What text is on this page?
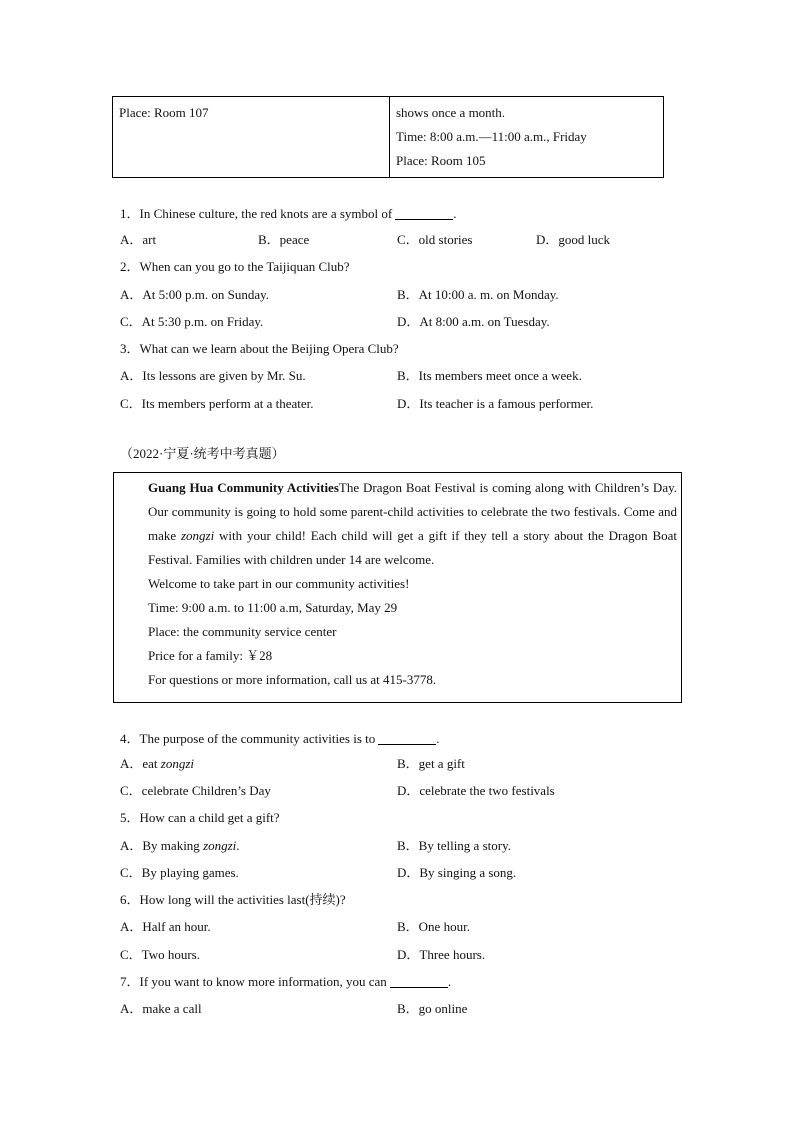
Place: Room 107	shows once a month.
Time: 8:00 a.m.—11:00 a.m., Friday
Place: Room 105
1．In Chinese culture, the red knots are a symbol of	.
A．art	B．peace	C．old stories	D．good luck
2．When can you go to the Taijiquan Club?
A．At 5:00 p.m. on Sunday.	B．At 10:00 a. m. on Monday.
C．At 5:30 p.m. on Friday.	D．At 8:00 a.m. on Tuesday.
3．What can we learn about the Beijing Opera Club?
A．Its lessons are given by Mr. Su.	B．Its members meet once a week.
C．Its members perform at a theater.	D．Its teacher is a famous performer.
（2022·宁夏·统考中考真题）

Guang Hua Community ActivitiesThe Dragon Boat Festival is coming along with Children’s Day. Our community is going to hold some parent-child activities to celebrate the two festivals. Come and make zongzi with your child! Each child will get a gift if they tell a story about the Dragon Boat Festival. Families with children under 14 are welcome.

Welcome to take part in our community activities!

Time: 9:00 a.m. to 11:00 a.m, Saturday, May 29

Place: the community service center

Price for a family: ￥28

For questions or more information, call us at 415-3778.

4．The purpose of the community activities is to	.
A．eat zongzi	B．get a gift
C．celebrate Children’s Day	D．celebrate the two festivals
5．How can a child get a gift?
A．By making zongzi.	B．By telling a story.
C．By playing games.	D．By singing a song.
6．How long will the activities last(持续)?
A．Half an hour.	B．One hour.
C．Two hours.	D．Three hours.
7．If you want to know more information, you can	.
A．make a call	B．go online
